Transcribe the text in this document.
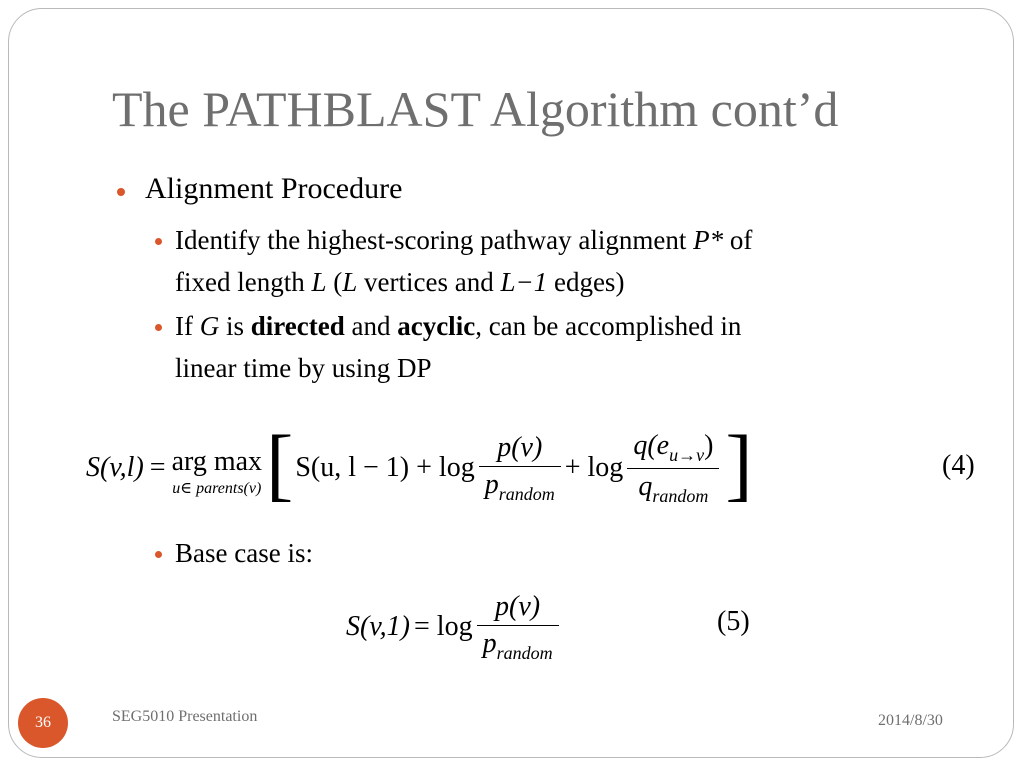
The PATHBLAST Algorithm cont’d
Alignment Procedure
Identify the highest-scoring pathway alignment P* of
fixed length L (L vertices and L−1 edges)
If G is directed and acyclic, can be accomplished in
linear time by using DP
S(v,l) = arg max
u∈ parents(v) [ S(u, $l - 1) + \log \frac{p(v)}{p_{random}} + \log \frac{q(e_{u\to v})}{q_{random}}$ ]	(4)
Base case is:
$S(v,1) = \log \frac{p(v)}{p_{random}}$	(5)
36	SEG5010 Presentation	2014/8/30
